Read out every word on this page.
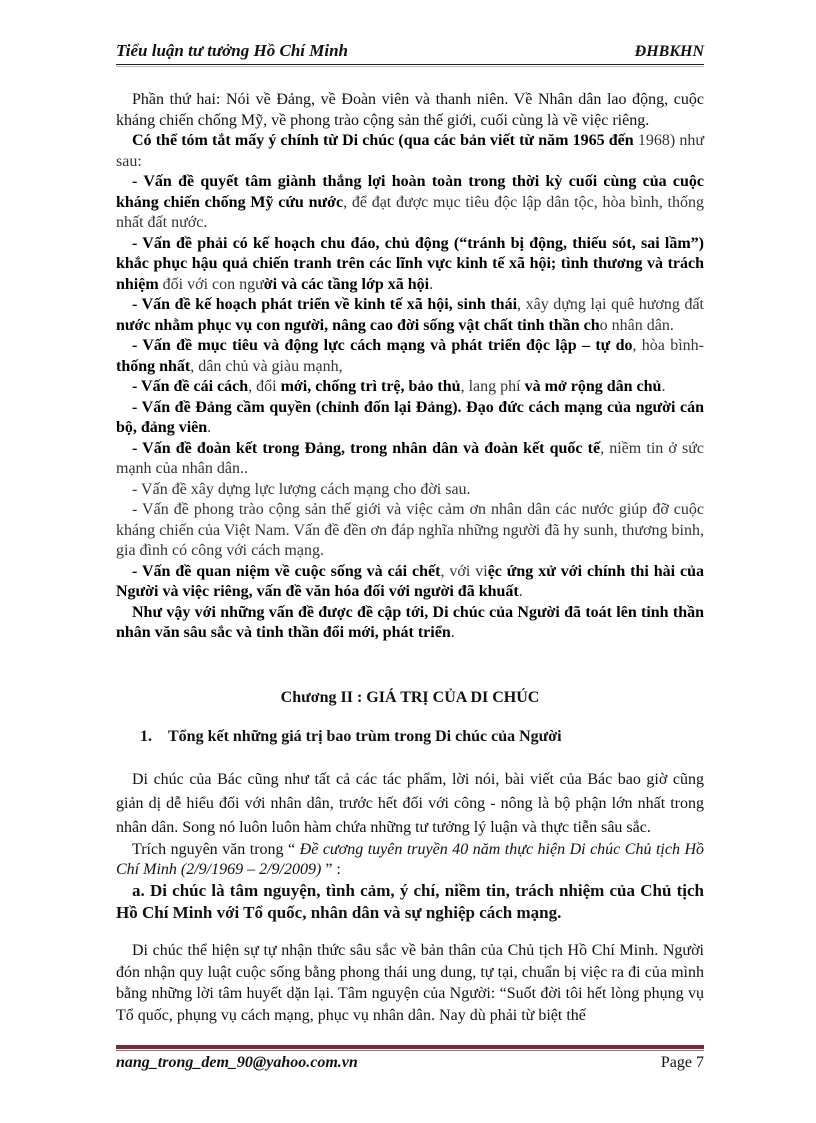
Tiểu luận tư tưởng Hồ Chí Minh	ĐHBKHN

Phần thứ hai: Nói về Đảng, về Đoàn viên và thanh niên. Về Nhân dân lao động, cuộc kháng chiến chống Mỹ, về phong trào cộng sản thế giới, cuối cùng là về việc riêng.

Có thể tóm tắt mấy ý chính từ Di chúc (qua các bản viết từ năm 1965 đến 1968) như sau:

- Vấn đề quyết tâm giành thắng lợi hoàn toàn trong thời kỳ cuối cùng của cuộc kháng chiến chống Mỹ cứu nước, để đạt được mục tiêu độc lập dân tộc, hòa bình, thống nhất đất nước.

- Vấn đề phải có kế hoạch chu đáo, chủ động (“tránh bị động, thiếu sót, sai lầm”) khắc phục hậu quả chiến tranh trên các lĩnh vực kinh tế xã hội; tình thương và trách nhiệm đối với con người và các tầng lớp xã hội.

- Vấn đề kế hoạch phát triển về kinh tế xã hội, sinh thái, xây dựng lại quê hương đất nước nhằm phục vụ con người, nâng cao đời sống vật chất tinh thần cho nhân dân.

- Vấn đề mục tiêu và động lực cách mạng và phát triển độc lập – tự do, hòa bình-thống nhất, dân chủ và giàu mạnh,

- Vấn đề cái cách, đổi mới, chống trì trệ, bảo thủ, lang phí và mở rộng dân chủ.

- Vấn đề Đảng cầm quyền (chỉnh đốn lại Đảng). Đạo đức cách mạng của người cán bộ, đảng viên.

- Vấn đề đoàn kết trong Đảng, trong nhân dân và đoàn kết quốc tế, niềm tin ở sức mạnh của nhân dân..

- Vấn đề xây dựng lực lượng cách mạng cho đời sau.

- Vấn đề phong trào cộng sản thế giới và việc cảm ơn nhân dân các nước giúp đỡ cuộc kháng chiến của Việt Nam. Vấn đề đền ơn đáp nghĩa những người đã hy sunh, thương binh, gia đình có công với cách mạng.

- Vấn đề quan niệm về cuộc sống và cái chết, với việc ứng xử với chính thi hài của Người và việc riêng, vấn đề văn hóa đối với người đã khuất.

Như vậy với những vấn đề được đề cập tới, Di chúc của Người đã toát lên tinh thần nhân văn sâu sắc và tinh thần đổi mới, phát triển.

Chương II : GIÁ TRỊ CỦA DI CHÚC
1. Tổng kết những giá trị bao trùm trong Di chúc của Người

Di chúc của Bác cũng như tất cả các tác phẩm, lời nói, bài viết của Bác bao giờ cũng giản dị dễ hiểu đối với nhân dân, trước hết đối với công - nông là bộ phận lớn nhất trong nhân dân. Song nó luôn luôn hàm chứa những tư tưởng lý luận và thực tiễn sâu sắc.

Trích nguyên văn trong “ Đề cương tuyên truyền 40 năm thực hiện Di chúc Chủ tịch Hồ Chí Minh (2/9/1969 – 2/9/2009) ” :

a. Di chúc là tâm nguyện, tình cảm, ý chí, niềm tin, trách nhiệm của Chủ tịch Hồ Chí Minh với Tổ quốc, nhân dân và sự nghiệp cách mạng.

Di chúc thể hiện sự tự nhận thức sâu sắc về bản thân của Chủ tịch Hồ Chí Minh. Người đón nhận quy luật cuộc sống bằng phong thái ung dung, tự tại, chuẩn bị việc ra đi của mình bằng những lời tâm huyết dặn lại. Tâm nguyện của Người: “Suốt đời tôi hết lòng phụng vụ Tổ quốc, phụng vụ cách mạng, phục vụ nhân dân. Nay dù phải từ biệt thế

nang_trong_dem_90@yahoo.com.vn	Page 7
